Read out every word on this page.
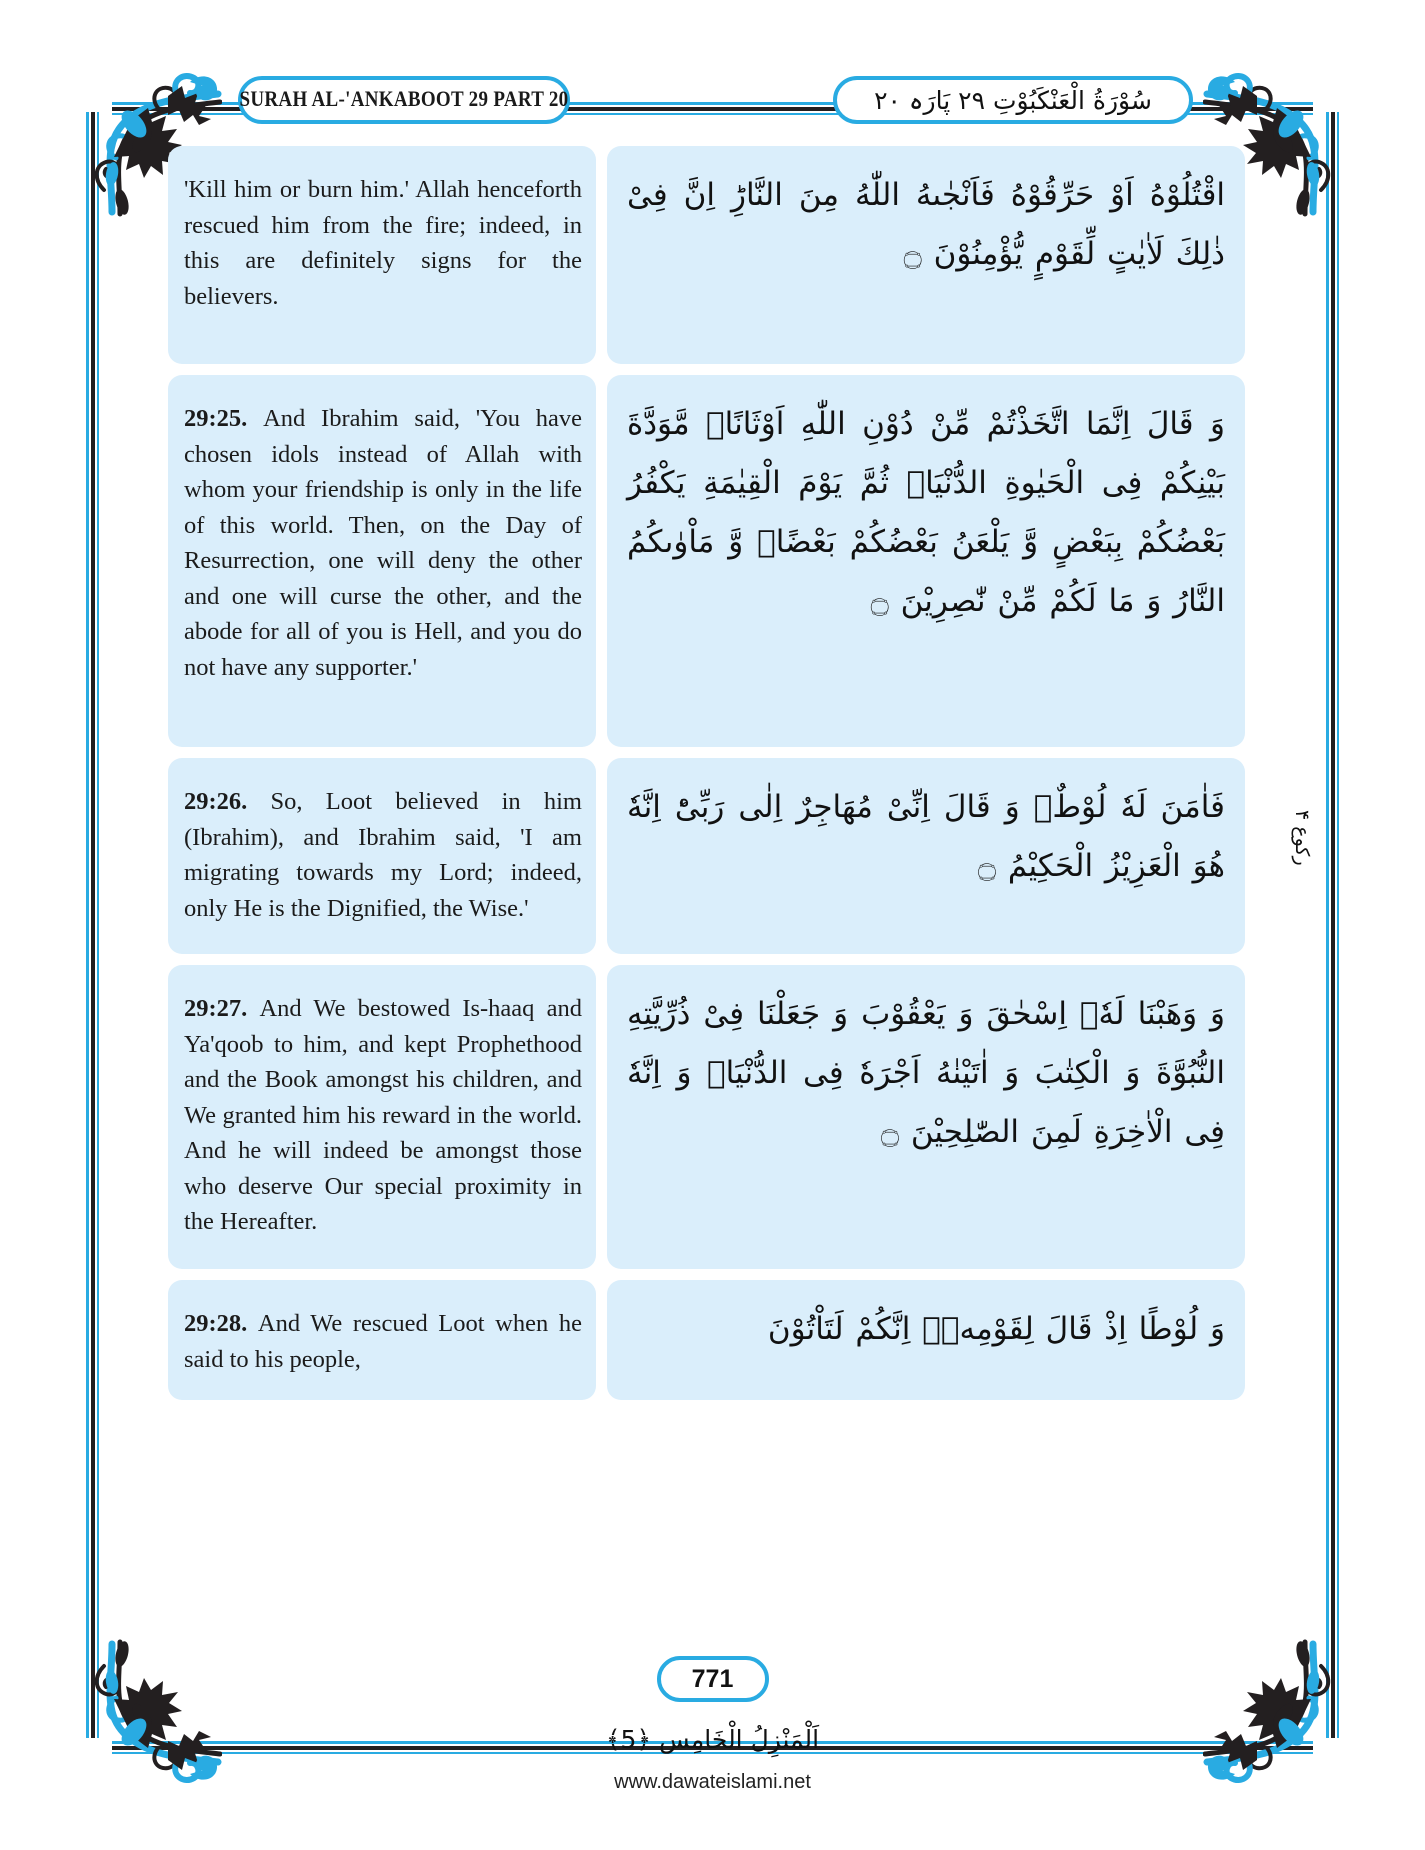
SURAH AL-'ANKABOOT 29 PART 20	سُوْرَةُ الْعَنْكَبُوْتِ ٢٩ پَارَہ ٢٠
'Kill him or burn him.' Allah henceforth rescued him from the fire; indeed, in this are definitely signs for the believers.
اقْتُلُوْهُ اَوْ حَرِّقُوْهُ فَاَنْجٰىهُ اللّٰهُ مِنَ النَّارِؕ اِنَّ فِیْ ذٰلِكَ لَاٰیٰتٍ لِّقَوْمٍ یُّؤْمِنُوْنَ ۝
29:25. And Ibrahim said, 'You have chosen idols instead of Allah with whom your friendship is only in the life of this world. Then, on the Day of Resurrection, one will deny the other and one will curse the other, and the abode for all of you is Hell, and you do not have any supporter.'
وَ قَالَ اِنَّمَا اتَّخَذْتُمْ مِّنْ دُوْنِ اللّٰهِ اَوْثَانًاۙ مَّوَدَّةَ بَیْنِكُمْ فِی الْحَیٰوةِ الدُّنْیَاۚ ثُمَّ یَوْمَ الْقِیٰمَةِ یَكْفُرُ بَعْضُكُمْ بِبَعْضٍ وَّ یَلْعَنُ بَعْضُكُمْ بَعْضًاؗ وَّ مَاْوٰىكُمُ النَّارُ وَ مَا لَكُمْ مِّنْ نّٰصِرِیْنَ ۝
29:26. So, Loot believed in him (Ibrahim), and Ibrahim said, 'I am migrating towards my Lord; indeed, only He is the Dignified, the Wise.'
فَاٰمَنَ لَهٗ لُوْطٌۘ وَ قَالَ اِنِّیْ مُهَاجِرٌ اِلٰى رَبِّیْؕ اِنَّهٗ هُوَ الْعَزِیْزُ الْحَكِیْمُ ۝
29:27. And We bestowed Is-haaq and Ya'qoob to him, and kept Prophethood and the Book amongst his children, and We granted him his reward in the world. And he will indeed be amongst those who deserve Our special proximity in the Hereafter.
وَ وَهَبْنَا لَهٗۤ اِسْحٰقَ وَ یَعْقُوْبَ وَ جَعَلْنَا فِیْ ذُرِّیَّتِهِ النُّبُوَّةَ وَ الْكِتٰبَ وَ اٰتَیْنٰهُ اَجْرَهٗ فِی الدُّنْیَاۚ وَ اِنَّهٗ فِی الْاٰخِرَةِ لَمِنَ الصّٰلِحِیْنَ ۝
29:28. And We rescued Loot when he said to his people,
وَ لُوْطًا اِذْ قَالَ لِقَوْمِهٖۤ اِنَّكُمْ لَتَاْتُوْنَ
رکوع ۴
771
اَلْمَنْزِلُ الْخَامِس ﴿5﴾
www.dawateislami.net
